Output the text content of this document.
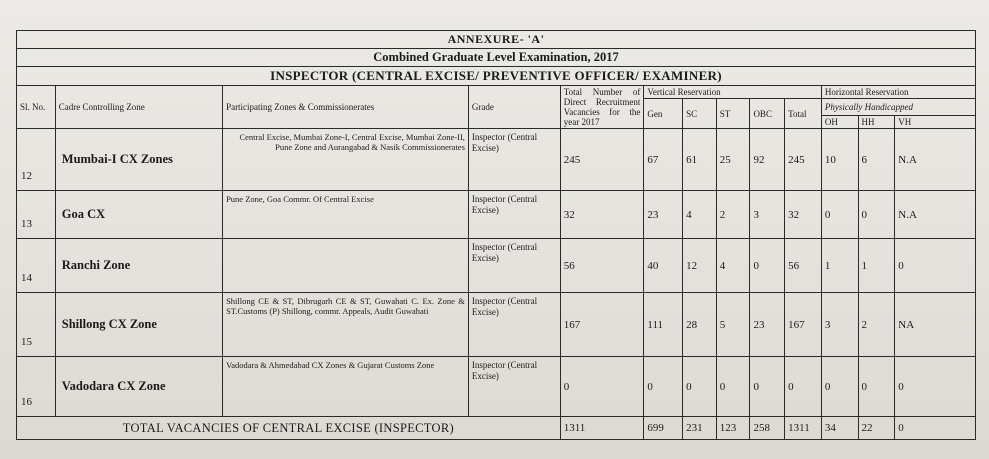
ANNEXURE- 'A'												
Combined Graduate Level Examination, 2017												
INSPECTOR (CENTRAL EXCISE/ PREVENTIVE OFFICER/ EXAMINER)												
Sl. No.	Cadre Controlling Zone	Participating Zones & Commissionerates	Grade	Total Number of Direct Recruitment Vacancies for the year 2017	Vertical Reservation					Horizontal Reservation		
					Gen	SC	ST	OBC	Total	Physically Handicapped		
										OH	HH	VH
12	Mumbai-I CX Zones	Central Excise, Mumbai Zone-I, Central Excise, Mumbai Zone-II, Pune Zone and Aurangabad & Nasik Commissionerates	Inspector (Central Excise)	245	67	61	25	92	245	10	6	N.A
13	Goa CX	Pune Zone, Goa Commr. Of Central Excise	Inspector (Central Excise)	32	23	4	2	3	32	0	0	N.A
14	Ranchi Zone		Inspector (Central Excise)	56	40	12	4	0	56	1	1	0
15	Shillong CX Zone	Shillong CE & ST, Dibrugarh CE & ST, Guwahati C. Ex. Zone & ST.Customs (P) Shillong, commr. Appeals, Audit Guwahati	Inspector (Central Excise)	167	111	28	5	23	167	3	2	NA
16	Vadodara CX Zone	Vadodara & Ahmedabad CX Zones & Gujarat Customs Zone	Inspector (Central Excise)	0	0	0	0	0	0	0	0	0
TOTAL VACANCIES OF CENTRAL EXCISE (INSPECTOR)				1311	699	231	123	258	1311	34	22	0
